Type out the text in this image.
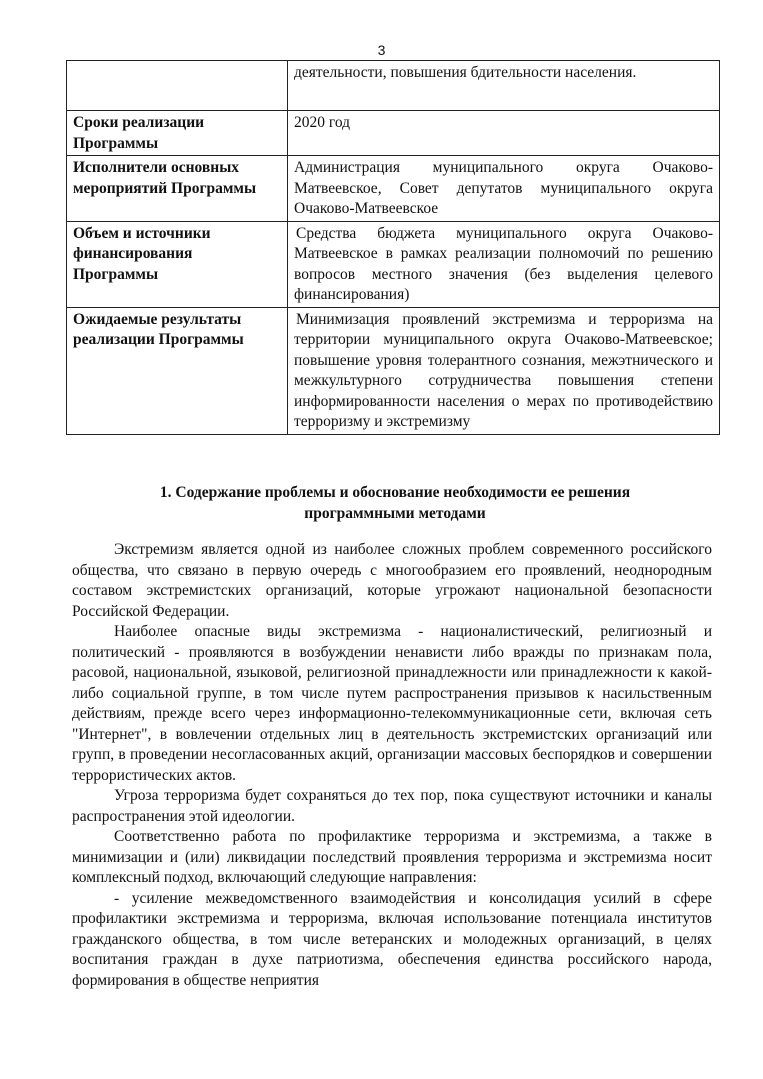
3
	деятельности, повышения бдительности населения.
Сроки реализации Программы	2020 год
Исполнители основных мероприятий Программы	Администрация муниципального округа Очаково-Матвеевское, Совет депутатов муниципального округа Очаково-Матвеевское
Объем и источники финансирования Программы	Средства бюджета муниципального округа Очаково-Матвеевское в рамках реализации полномочий по решению вопросов местного значения (без выделения целевого финансирования)
Ожидаемые результаты реализации Программы	Минимизация проявлений экстремизма и терроризма на территории муниципального округа Очаково-Матвеевское; повышение уровня толерантного сознания, межэтнического и межкультурного сотрудничества повышения степени информированности населения о мерах по противодействию терроризму и экстремизму
1. Содержание проблемы и обоснование необходимости ее решения программными методами

Экстремизм является одной из наиболее сложных проблем современного российского общества, что связано в первую очередь с многообразием его проявлений, неоднородным составом экстремистских организаций, которые угрожают национальной безопасности Российской Федерации.

Наиболее опасные виды экстремизма - националистический, религиозный и политический - проявляются в возбуждении ненависти либо вражды по признакам пола, расовой, национальной, языковой, религиозной принадлежности или принадлежности к какой-либо социальной группе, в том числе путем распространения призывов к насильственным действиям, прежде всего через информационно-телекоммуникационные сети, включая сеть "Интернет", в вовлечении отдельных лиц в деятельность экстремистских организаций или групп, в проведении несогласованных акций, организации массовых беспорядков и совершении террористических актов.

Угроза терроризма будет сохраняться до тех пор, пока существуют источники и каналы распространения этой идеологии.

Соответственно работа по профилактике терроризма и экстремизма, а также в минимизации и (или) ликвидации последствий проявления терроризма и экстремизма носит комплексный подход, включающий следующие направления:

- усиление межведомственного взаимодействия и консолидация усилий в сфере профилактики экстремизма и терроризма, включая использование потенциала институтов гражданского общества, в том числе ветеранских и молодежных организаций, в целях воспитания граждан в духе патриотизма, обеспечения единства российского народа, формирования в обществе неприятия
